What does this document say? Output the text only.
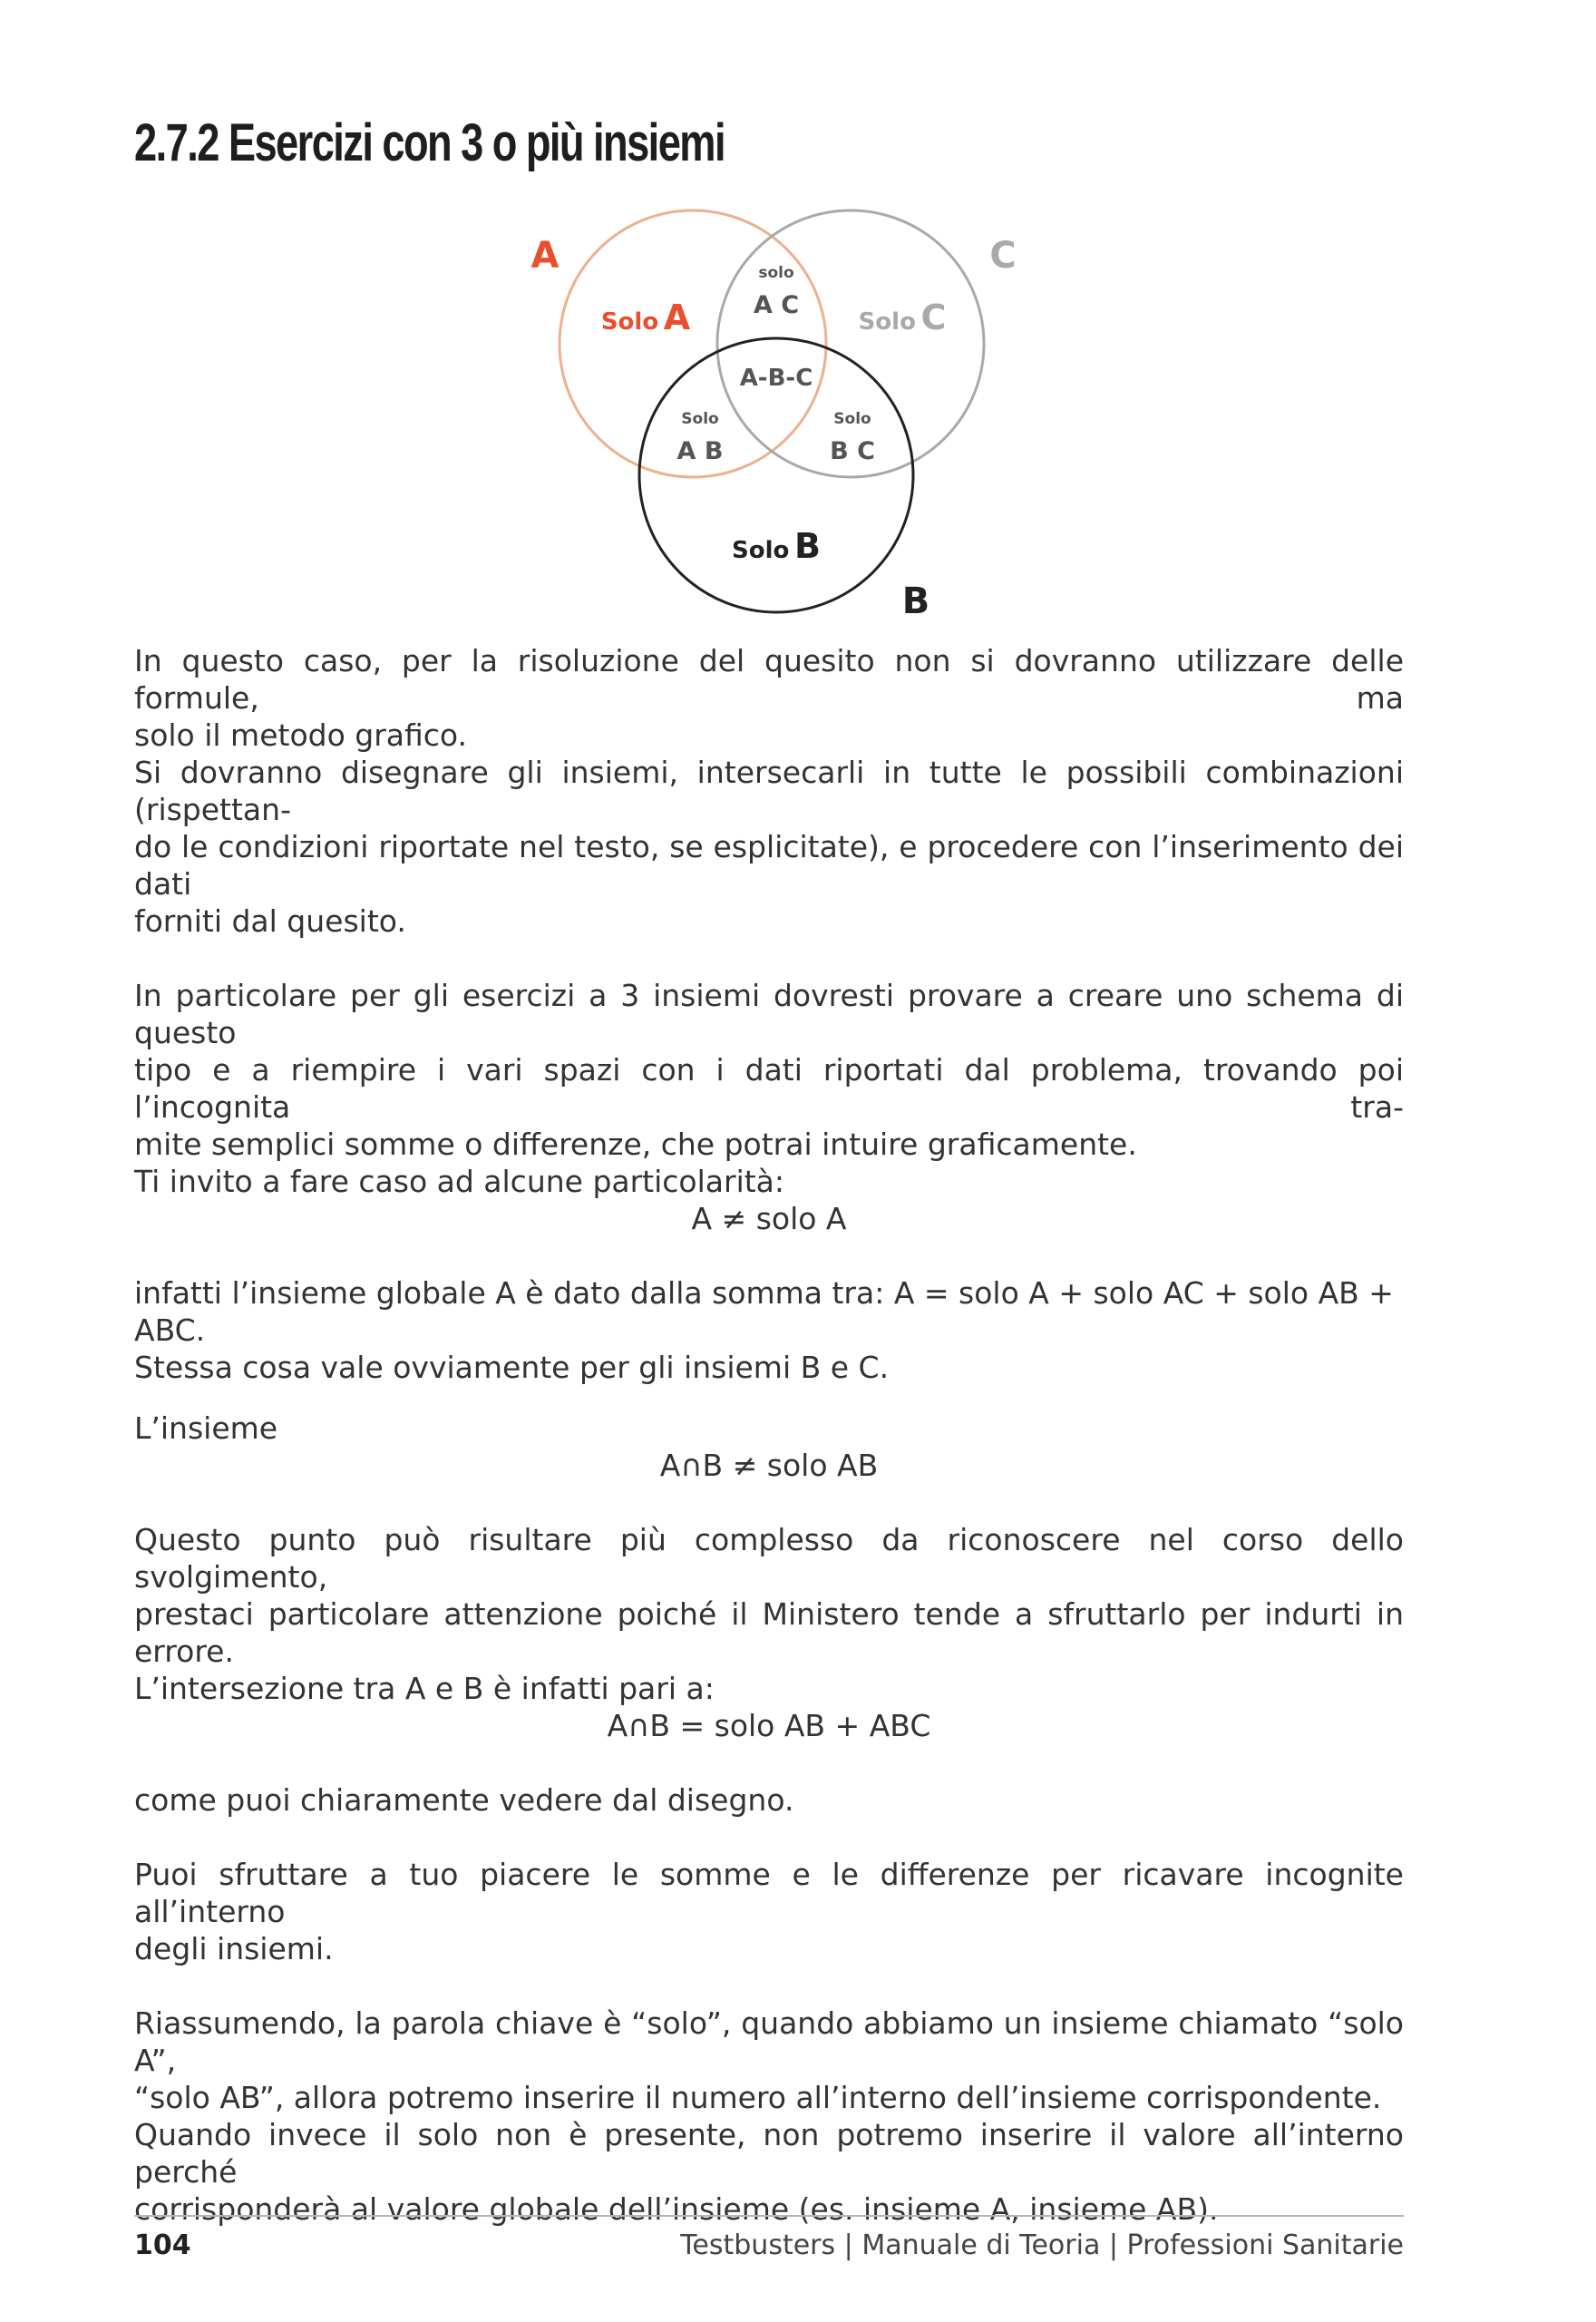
2.7.2 Esercizi con 3 o più insiemi
A	C
B
Solo A	Solo C
Solo B
solo
A C
A-B-C
Solo
A B
Solo
B C

In questo caso, per la risoluzione del quesito non si dovranno utilizzare delle formule, ma

solo il metodo grafico.

Si dovranno disegnare gli insiemi, intersecarli in tutte le possibili combinazioni (rispettan-

do le condizioni riportate nel testo, se esplicitate), e procedere con l’inserimento dei dati

forniti dal quesito.

In particolare per gli esercizi a 3 insiemi dovresti provare a creare uno schema di questo

tipo e a riempire i vari spazi con i dati riportati dal problema, trovando poi l’incognita tra-

mite semplici somme o differenze, che potrai intuire graficamente.

Ti invito a fare caso ad alcune particolarità:

A ≠ solo A

infatti l’insieme globale A è dato dalla somma tra: A = solo A + solo AC + solo AB + ABC.

Stessa cosa vale ovviamente per gli insiemi B e C.

L’insieme

A∩B ≠ solo AB

Questo punto può risultare più complesso da riconoscere nel corso dello svolgimento,

prestaci particolare attenzione poiché il Ministero tende a sfruttarlo per indurti in errore.

L’intersezione tra A e B è infatti pari a:

A∩B = solo AB + ABC

come puoi chiaramente vedere dal disegno.

Puoi sfruttare a tuo piacere le somme e le differenze per ricavare incognite all’interno

degli insiemi.

Riassumendo, la parola chiave è “solo”, quando abbiamo un insieme chiamato “solo A”,

“solo AB”, allora potremo inserire il numero all’interno dell’insieme corrispondente.

Quando invece il solo non è presente, non potremo inserire il valore all’interno perché

corrisponderà al valore globale dell’insieme (es. insieme A, insieme AB).

104	Testbusters | Manuale di Teoria | Professioni Sanitarie
